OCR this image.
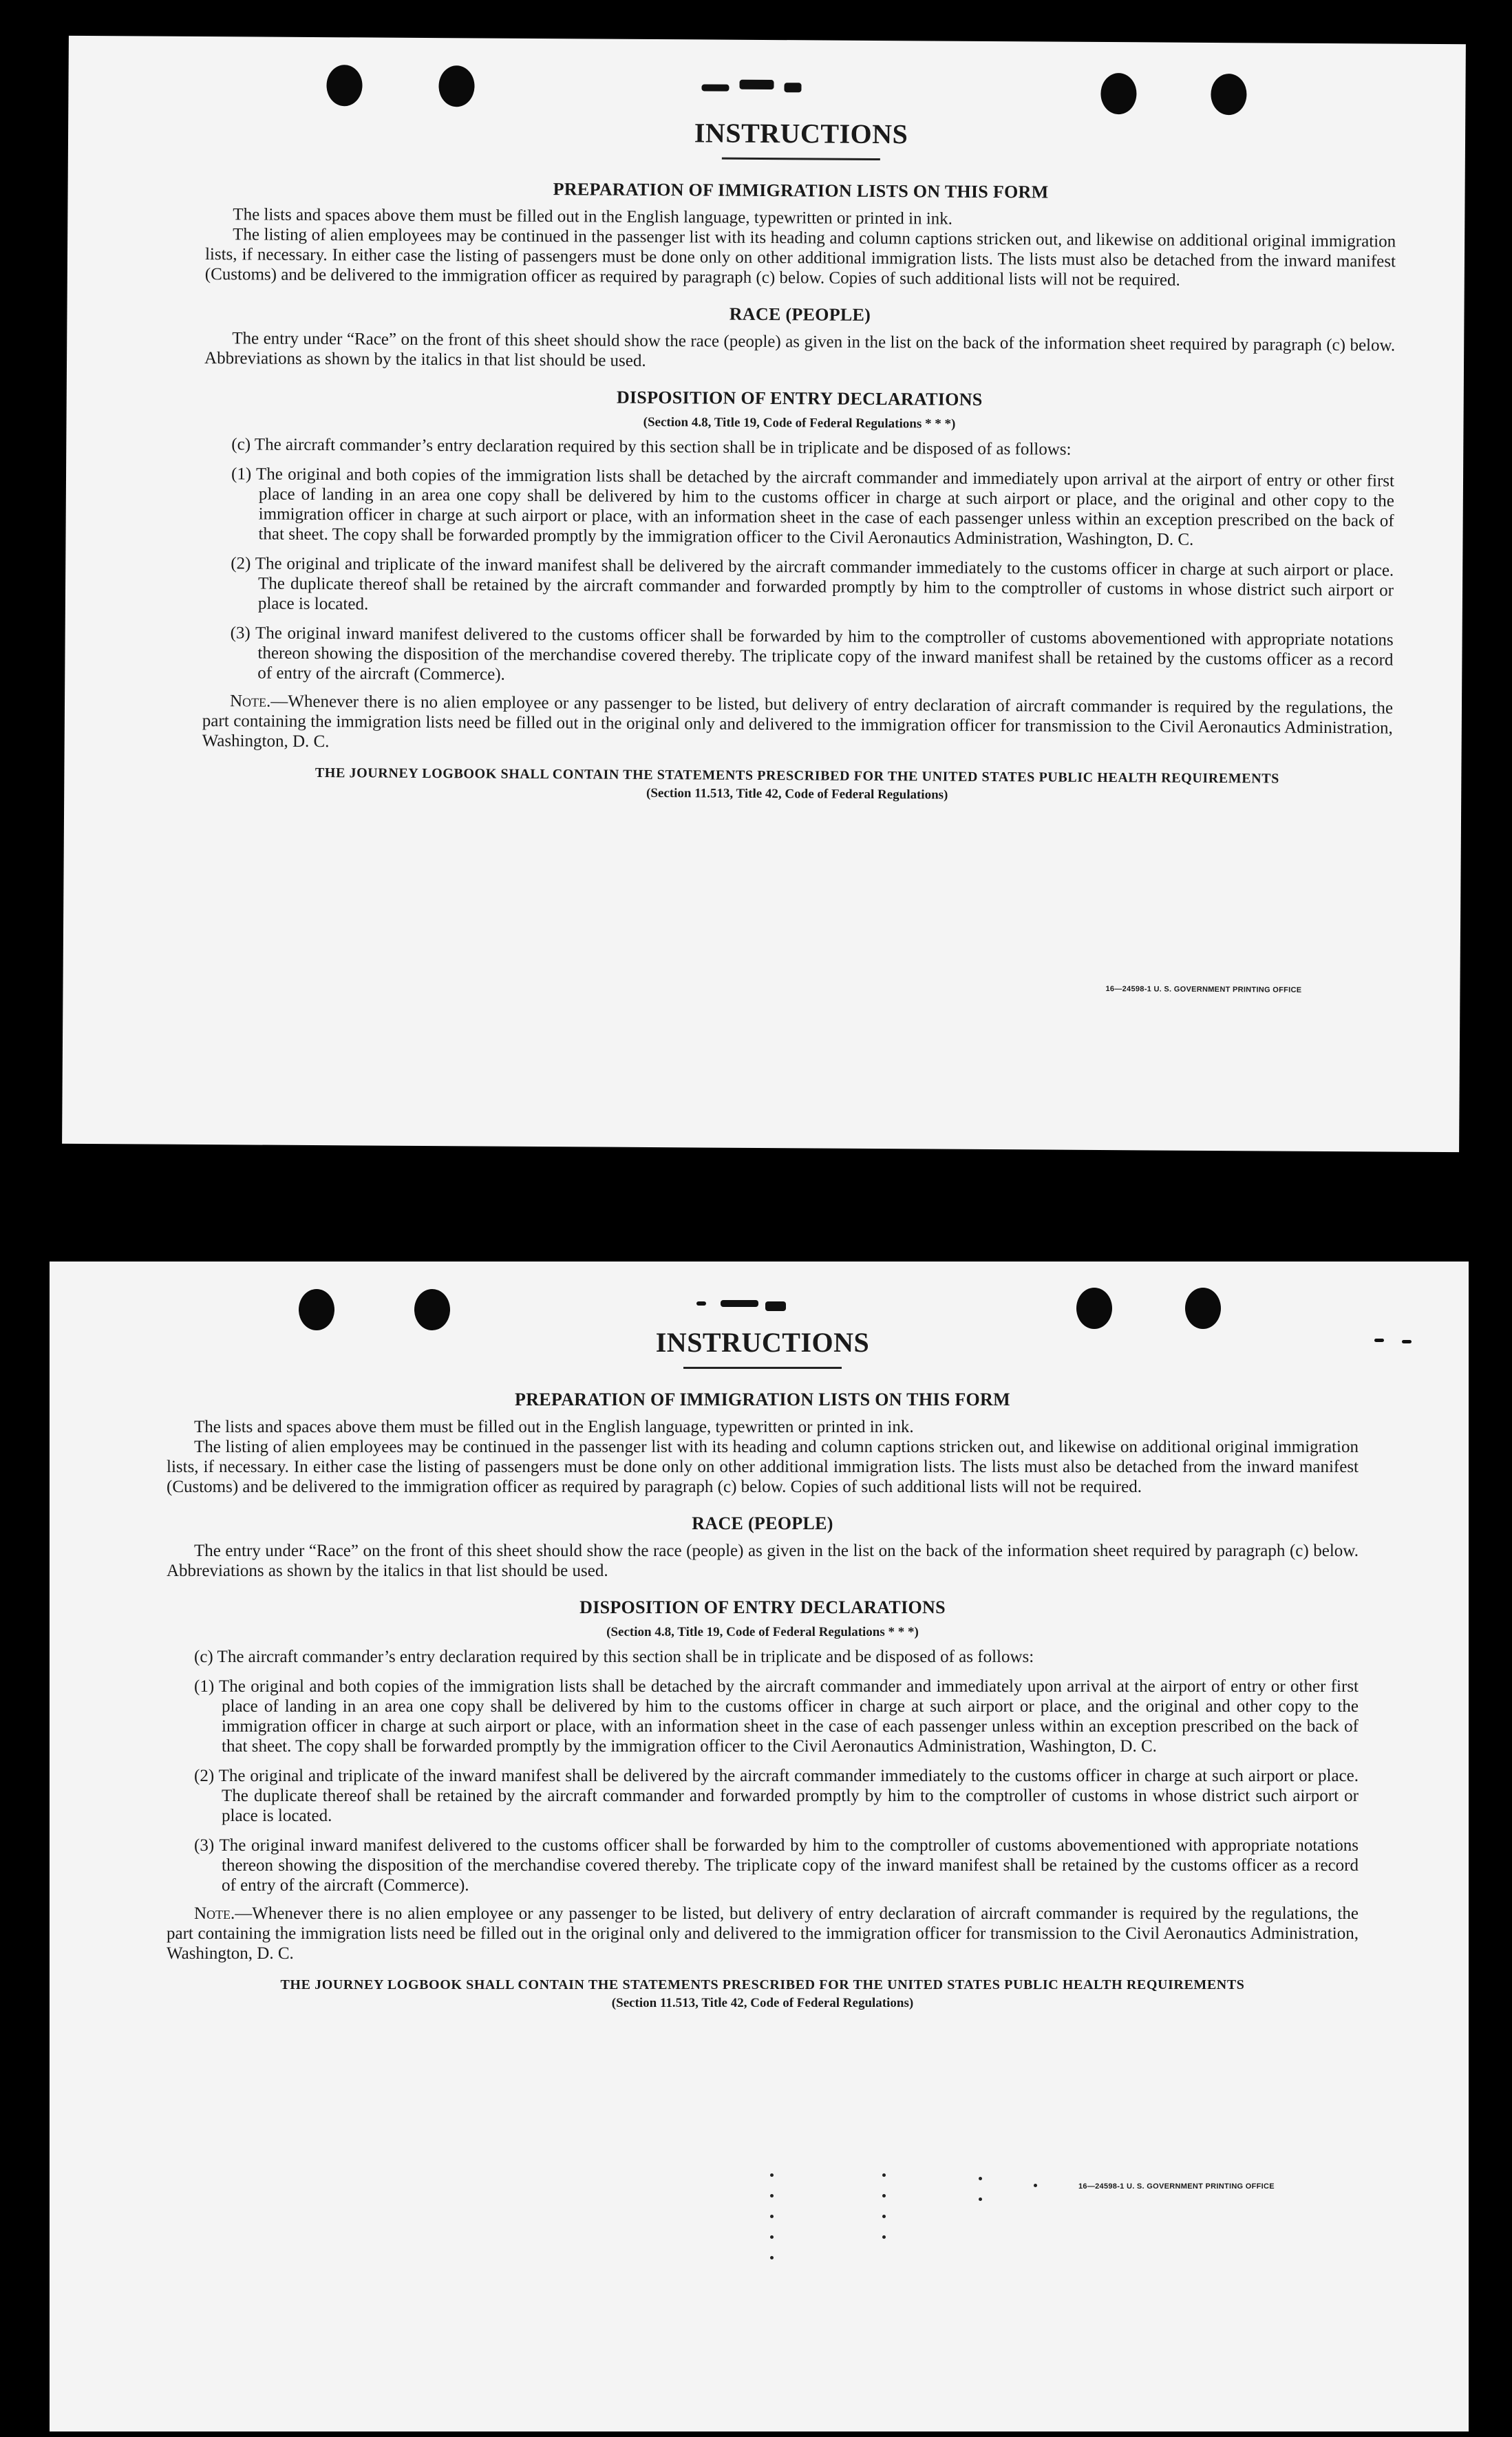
INSTRUCTIONS
PREPARATION OF IMMIGRATION LISTS ON THIS FORM

The lists and spaces above them must be filled out in the English language, typewritten or printed in ink.

The listing of alien employees may be continued in the passenger list with its heading and column captions stricken out, and likewise on additional original immigration lists, if necessary. In either case the listing of passengers must be done only on other additional immigration lists. The lists must also be detached from the inward manifest (Customs) and be delivered to the immigration officer as required by paragraph (c) below. Copies of such additional lists will not be required.

RACE (PEOPLE)

The entry under “Race” on the front of this sheet should show the race (people) as given in the list on the back of the information sheet required by paragraph (c) below. Abbreviations as shown by the italics in that list should be used.

DISPOSITION OF ENTRY DECLARATIONS
(Section 4.8, Title 19, Code of Federal Regulations * * *)

(c) The aircraft commander’s entry declaration required by this section shall be in triplicate and be disposed of as follows:

(1) The original and both copies of the immigration lists shall be detached by the aircraft commander and immediately upon arrival at the airport of entry or other first place of landing in an area one copy shall be delivered by him to the customs officer in charge at such airport or place, and the original and other copy to the immigration officer in charge at such airport or place, with an information sheet in the case of each passenger unless within an exception prescribed on the back of that sheet. The copy shall be forwarded promptly by the immigration officer to the Civil Aeronautics Administration, Washington, D. C.
(2) The original and triplicate of the inward manifest shall be delivered by the aircraft commander immediately to the customs officer in charge at such airport or place. The duplicate thereof shall be retained by the aircraft commander and forwarded promptly by him to the comptroller of customs in whose district such airport or place is located.
(3) The original inward manifest delivered to the customs officer shall be forwarded by him to the comptroller of customs abovementioned with appropriate notations thereon showing the disposition of the merchandise covered thereby. The triplicate copy of the inward manifest shall be retained by the customs officer as a record of entry of the aircraft (Commerce).

Note.—Whenever there is no alien employee or any passenger to be listed, but delivery of entry declaration of aircraft commander is required by the regulations, the part containing the immigration lists need be filled out in the original only and delivered to the immigration officer for transmission to the Civil Aeronautics Administration, Washington, D. C.

THE JOURNEY LOGBOOK SHALL CONTAIN THE STATEMENTS PRESCRIBED FOR THE UNITED STATES PUBLIC HEALTH REQUIREMENTS
(Section 11.513, Title 42, Code of Federal Regulations)
16—24598-1 U. S. GOVERNMENT PRINTING OFFICE
INSTRUCTIONS
PREPARATION OF IMMIGRATION LISTS ON THIS FORM

The lists and spaces above them must be filled out in the English language, typewritten or printed in ink.

The listing of alien employees may be continued in the passenger list with its heading and column captions stricken out, and likewise on additional original immigration lists, if necessary. In either case the listing of passengers must be done only on other additional immigration lists. The lists must also be detached from the inward manifest (Customs) and be delivered to the immigration officer as required by paragraph (c) below. Copies of such additional lists will not be required.

RACE (PEOPLE)

The entry under “Race” on the front of this sheet should show the race (people) as given in the list on the back of the information sheet required by paragraph (c) below. Abbreviations as shown by the italics in that list should be used.

DISPOSITION OF ENTRY DECLARATIONS
(Section 4.8, Title 19, Code of Federal Regulations * * *)

(c) The aircraft commander’s entry declaration required by this section shall be in triplicate and be disposed of as follows:

(1) The original and both copies of the immigration lists shall be detached by the aircraft commander and immediately upon arrival at the airport of entry or other first place of landing in an area one copy shall be delivered by him to the customs officer in charge at such airport or place, and the original and other copy to the immigration officer in charge at such airport or place, with an information sheet in the case of each passenger unless within an exception prescribed on the back of that sheet. The copy shall be forwarded promptly by the immigration officer to the Civil Aeronautics Administration, Washington, D. C.
(2) The original and triplicate of the inward manifest shall be delivered by the aircraft commander immediately to the customs officer in charge at such airport or place. The duplicate thereof shall be retained by the aircraft commander and forwarded promptly by him to the comptroller of customs in whose district such airport or place is located.
(3) The original inward manifest delivered to the customs officer shall be forwarded by him to the comptroller of customs abovementioned with appropriate notations thereon showing the disposition of the merchandise covered thereby. The triplicate copy of the inward manifest shall be retained by the customs officer as a record of entry of the aircraft (Commerce).

Note.—Whenever there is no alien employee or any passenger to be listed, but delivery of entry declaration of aircraft commander is required by the regulations, the part containing the immigration lists need be filled out in the original only and delivered to the immigration officer for transmission to the Civil Aeronautics Administration, Washington, D. C.

THE JOURNEY LOGBOOK SHALL CONTAIN THE STATEMENTS PRESCRIBED FOR THE UNITED STATES PUBLIC HEALTH REQUIREMENTS
(Section 11.513, Title 42, Code of Federal Regulations)
16—24598-1 U. S. GOVERNMENT PRINTING OFFICE
